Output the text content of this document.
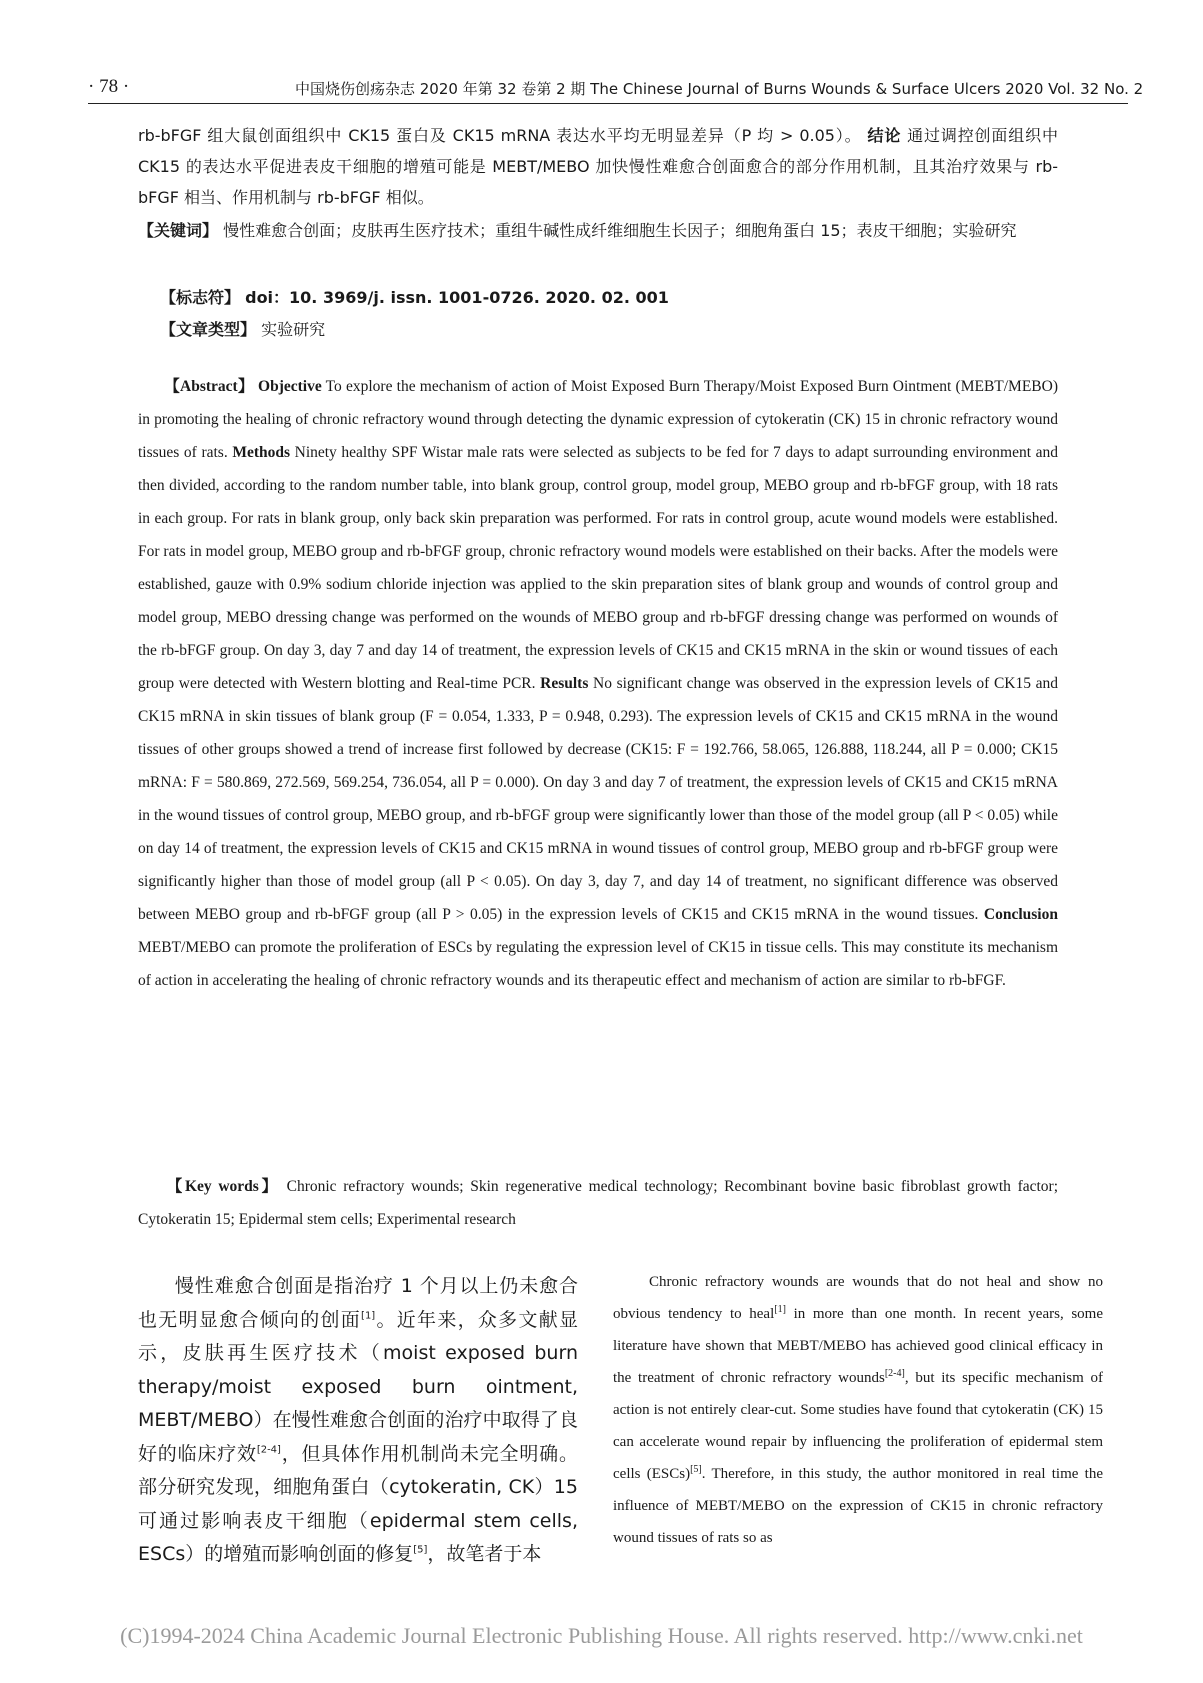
· 78 ·	中国烧伤创疡杂志 2020 年第 32 卷第 2 期 The Chinese Journal of Burns Wounds & Surface Ulcers 2020 Vol. 32 No. 2
rb-bFGF 组大鼠创面组织中 CK15 蛋白及 CK15 mRNA 表达水平均无明显差异（P 均 > 0.05）。 结论 通过调控创面组织中 CK15 的表达水平促进表皮干细胞的增殖可能是 MEBT/MEBO 加快慢性难愈合创面愈合的部分作用机制，且其治疗效果与 rb-bFGF 相当、作用机制与 rb-bFGF 相似。
【关键词】 慢性难愈合创面；皮肤再生医疗技术；重组牛碱性成纤维细胞生长因子；细胞角蛋白 15；表皮干细胞；实验研究
【标志符】 doi：10. 3969/j. issn. 1001-0726. 2020. 02. 001
【文章类型】 实验研究
【Abstract】 Objective To explore the mechanism of action of Moist Exposed Burn Therapy/Moist Exposed Burn Ointment (MEBT/MEBO) in promoting the healing of chronic refractory wound through detecting the dynamic expression of cytokeratin (CK) 15 in chronic refractory wound tissues of rats. Methods Ninety healthy SPF Wistar male rats were selected as subjects to be fed for 7 days to adapt surrounding environment and then divided, according to the random number table, into blank group, control group, model group, MEBO group and rb-bFGF group, with 18 rats in each group. For rats in blank group, only back skin preparation was performed. For rats in control group, acute wound models were established. For rats in model group, MEBO group and rb-bFGF group, chronic refractory wound models were established on their backs. After the models were established, gauze with 0.9% sodium chloride injection was applied to the skin preparation sites of blank group and wounds of control group and model group, MEBO dressing change was performed on the wounds of MEBO group and rb-bFGF dressing change was performed on wounds of the rb-bFGF group. On day 3, day 7 and day 14 of treatment, the expression levels of CK15 and CK15 mRNA in the skin or wound tissues of each group were detected with Western blotting and Real-time PCR. Results No significant change was observed in the expression levels of CK15 and CK15 mRNA in skin tissues of blank group (F = 0.054, 1.333, P = 0.948, 0.293). The expression levels of CK15 and CK15 mRNA in the wound tissues of other groups showed a trend of increase first followed by decrease (CK15: F = 192.766, 58.065, 126.888, 118.244, all P = 0.000; CK15 mRNA: F = 580.869, 272.569, 569.254, 736.054, all P = 0.000). On day 3 and day 7 of treatment, the expression levels of CK15 and CK15 mRNA in the wound tissues of control group, MEBO group, and rb-bFGF group were significantly lower than those of the model group (all P < 0.05) while on day 14 of treatment, the expression levels of CK15 and CK15 mRNA in wound tissues of control group, MEBO group and rb-bFGF group were significantly higher than those of model group (all P < 0.05). On day 3, day 7, and day 14 of treatment, no significant difference was observed between MEBO group and rb-bFGF group (all P > 0.05) in the expression levels of CK15 and CK15 mRNA in the wound tissues. Conclusion MEBT/MEBO can promote the proliferation of ESCs by regulating the expression level of CK15 in tissue cells. This may constitute its mechanism of action in accelerating the healing of chronic refractory wounds and its therapeutic effect and mechanism of action are similar to rb-bFGF.
【Key words】 Chronic refractory wounds; Skin regenerative medical technology; Recombinant bovine basic fibroblast growth factor; Cytokeratin 15; Epidermal stem cells; Experimental research
慢性难愈合创面是指治疗 1 个月以上仍未愈合也无明显愈合倾向的创面[1]。近年来，众多文献显示，皮肤再生医疗技术（moist exposed burn therapy/moist exposed burn ointment, MEBT/MEBO）在慢性难愈合创面的治疗中取得了良好的临床疗效[2-4]，但具体作用机制尚未完全明确。部分研究发现，细胞角蛋白（cytokeratin, CK）15 可通过影响表皮干细胞（epidermal stem cells, ESCs）的增殖而影响创面的修复[5]，故笔者于本
Chronic refractory wounds are wounds that do not heal and show no obvious tendency to heal[1] in more than one month. In recent years, some literature have shown that MEBT/MEBO has achieved good clinical efficacy in the treatment of chronic refractory wounds[2-4], but its specific mechanism of action is not entirely clear-cut. Some studies have found that cytokeratin (CK) 15 can accelerate wound repair by influencing the proliferation of epidermal stem cells (ESCs)[5]. Therefore, in this study, the author monitored in real time the influence of MEBT/MEBO on the expression of CK15 in chronic refractory wound tissues of rats so as
(C)1994-2024 China Academic Journal Electronic Publishing House. All rights reserved. http://www.cnki.net
